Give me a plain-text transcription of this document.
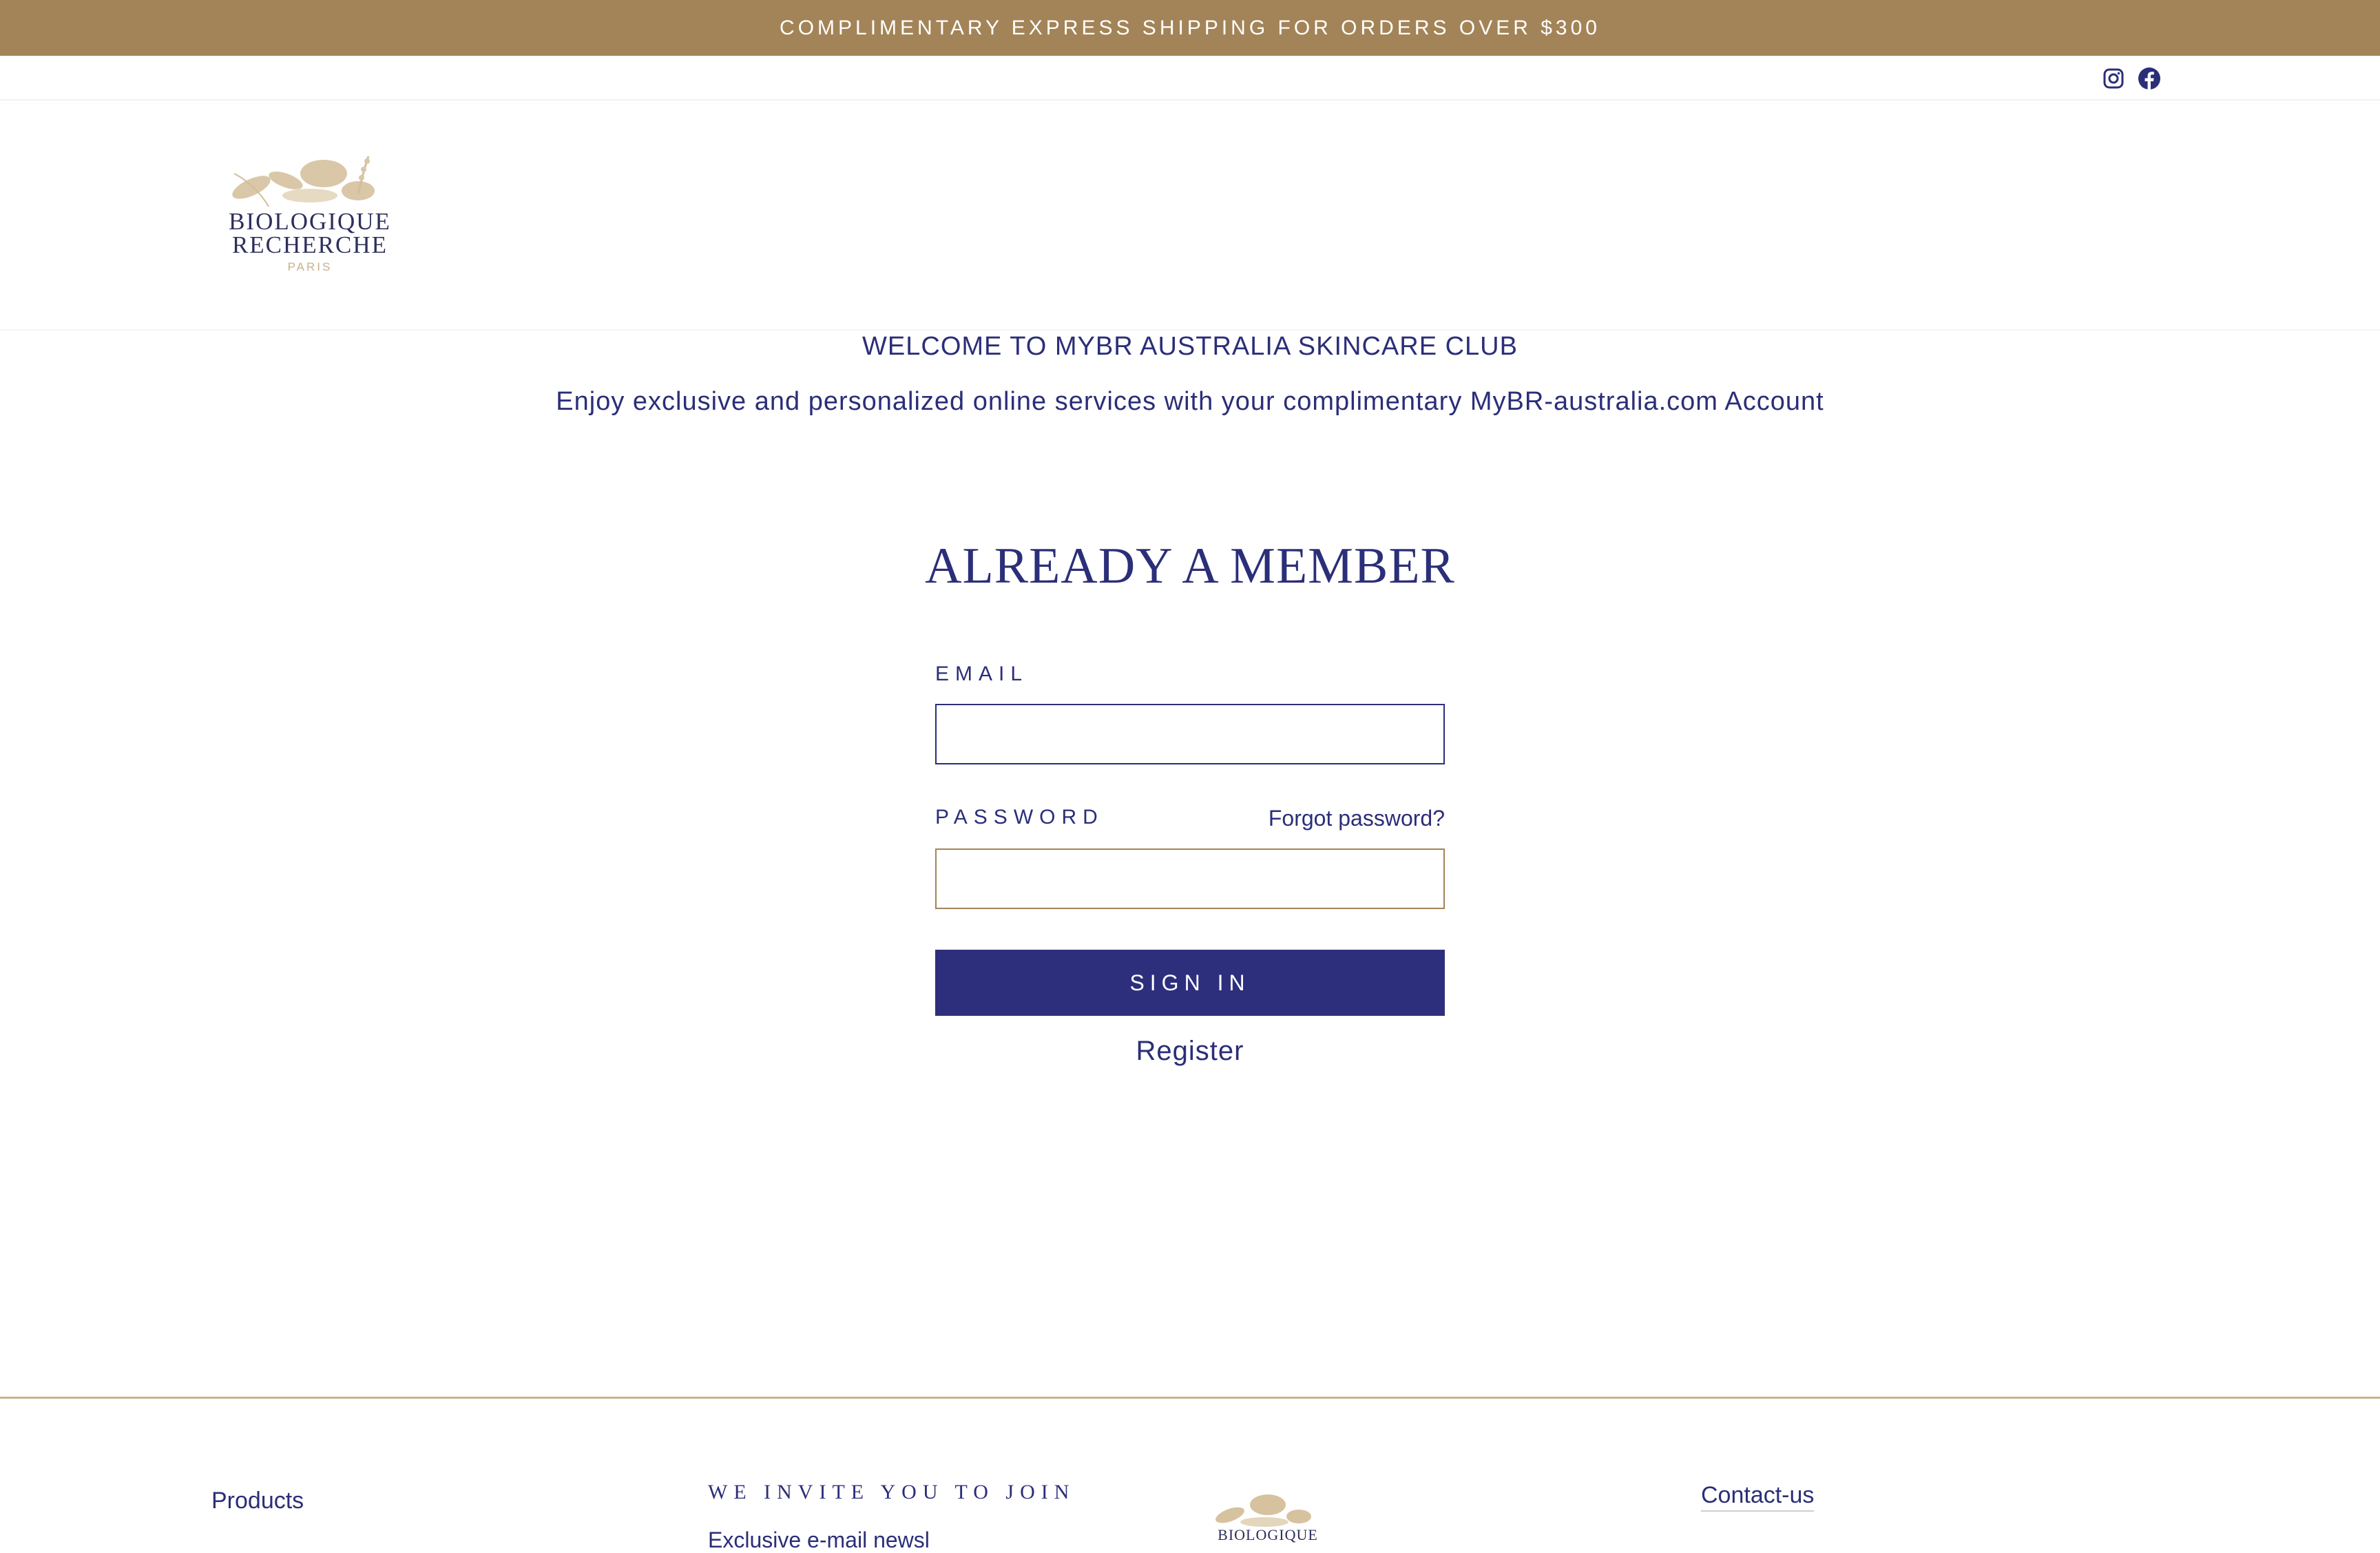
COMPLIMENTARY EXPRESS SHIPPING FOR ORDERS OVER $300
BIOLOGIQUE
RECHERCHE
PARIS
WELCOME TO MYBR AUSTRALIA SKINCARE CLUB
Enjoy exclusive and personalized online services with your complimentary MyBR-australia.com Account
ALREADY A MEMBER
EMAIL
PASSWORD	Forgot password?
SIGN IN
Register
Products	WE INVITE YOU TO JOIN
Exclusive e-mail newsl	BIOLOGIQUE
Contact-us
